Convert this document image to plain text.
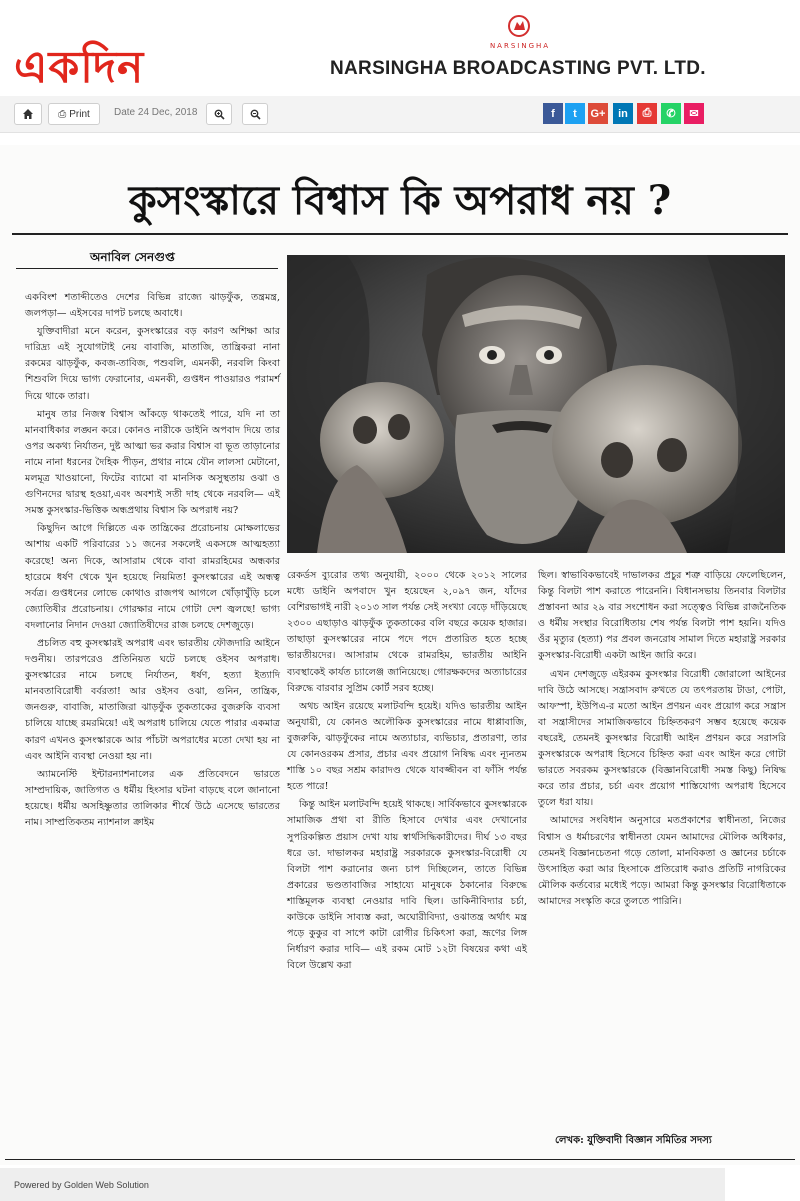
একদিন	NARSINGHA
NARSINGHA BROADCASTING PVT. LTD.
⎙ Print Date 24 Dec, 2018	f t G+ in ⎙ ✆ ✉
কুসংস্কারে বিশ্বাস কি অপরাধ নয় ?
অনাবিল সেনগুপ্ত

একবিংশ শতাব্দীতেও দেশের বিভিন্ন রাজ্যে ঝাড়ফুঁক, তন্ত্রমন্ত্র, জলপড়া— এইসবের দাপট চলছে অবাধে।

যুক্তিবাদীরা মনে করেন, কুসংস্কারের বড় কারণ অশিক্ষা আর দারিদ্র্য এই সুযোগটাই নেয় বাবাজি, মাতাজি, তান্ত্রিকরা নানা রকমের ঝাড়ফুঁক, কবজ-তাবিজ, পশুবলি, এমনকী, নরবলি কিংবা শিশুবলি দিয়ে ভাগ্য ফেরানোর, এমনকী, গুপ্তধন পাওয়ারও পরামর্শ দিয়ে থাকে তারা।

মানুষ তার নিজস্ব বিশ্বাস আঁকড়ে থাকতেই পারে, যদি না তা মানবাধিকার লঙ্ঘন করে। কোনও নারীকে ডাইনি অপবাদ দিয়ে তার ওপর অকথ্য নির্যাতন, দুষ্ট আত্মা ভর করার বিশ্বাস বা ভূত তাড়ানোর নামে নানা ধরনের দৈহিক পীড়ন, প্রথার নামে যৌন লালসা মেটানো, মলমূত্র খাওয়ানো, ফিটের ব্যামো বা মানসিক অসুস্থতায় ওঝা ও গুণিনদের দ্বারস্থ হওয়া,এবং অবশ্যই সতী দাহ থেকে নরবলি— এই সমস্ত কুসংস্কার-ভিত্তিক অন্ধপ্রথায় বিশ্বাস কি অপরাধ নয়?

কিছুদিন আগে দিল্লিতে এক তান্ত্রিকের প্ররোচনায় মোক্ষলাভের আশায় একটি পরিবারের ১১ জনের সকলেই একসঙ্গে আত্মহত্যা করেছে! অন্য দিকে, আসারাম থেকে বাবা রামরহিমের অন্ধকার হারেমে ধর্ষণ থেকে খুন হয়েছে নিয়মিত! কুসংস্কারের এই অন্ধত্ব সর্বত্র। গুপ্তধনের লোভে কোথাও রাজপথ আগলে খোঁড়াখুঁড়ি চলে জ্যোতিষীর প্ররোচনায়। গোরক্ষার নামে গোটা দেশ জ্বলছে! ভাগ্য বদলানোর নিদান দেওয়া জ্যোতিষীদের রাজ চলছে দেশজুড়ে।

প্রচলিত বহু কুসংস্কারই অপরাধ এবং ভারতীয় ফৌজদারি আইনে দণ্ডনীয়। তারপরেও প্রতিনিয়ত ঘটে চলছে ওইসব অপরাধ। কুসংস্কারের নামে চলছে নির্যাতন, ধর্ষণ, হত্যা ইত্যাদি মানবতাবিরোধী বর্বরতা! আর ওইসব ওঝা, গুনিন, তান্ত্রিক, জনগুরু, বাবাজি, মাতাজিরা ঝাড়ফুঁক তুকতাকের বুজরুকি ব্যবসা চালিয়ে যাচ্ছে রমরমিয়ে! এই অপরাধ চালিয়ে যেতে পারার একমাত্র কারণ এখনও কুসংস্কারকে আর পাঁচটা অপরাধের মতো দেখা হয় না এবং আইনি ব্যবস্থা নেওয়া হয় না।

অ্যামনেস্টি ইন্টারন্যাশনালের এক প্রতিবেদনে ভারতে সাম্প্রদায়িক, জাতিগত ও ধর্মীয় হিংসার ঘটনা বাড়ছে বলে জানানো হয়েছে। ধর্মীয় অসহিষ্ণুতার তালিকার শীর্ষে উঠে এসেছে ভারতের নাম। সাম্প্রতিকতম ন্যাশনাল ক্রাইম

রেকর্ডস ব্যুরোর তথ্য অনুযায়ী, ২০০০ থেকে ২০১২ সালের মধ্যে ডাইনি অপবাদে খুন হয়েছেন ২,০৯৭ জন, যাঁদের বেশিরভাগই নারী ২০১৩ সাল পর্যন্ত সেই সংখ্যা বেড়ে দাঁড়িয়েছে ২৩০০ এছাড়াও ঝাড়ফুঁক তুকতাকের বলি বছরে কয়েক হাজার। তাছাড়া কুসংস্কারের নামে পদে পদে প্রতারিত হতে হচ্ছে ভারতীয়দের। আসারাম থেকে রামরহিম, ভারতীয় আইনি ব্যবস্থাকেই কার্যত চ্যালেঞ্জ জানিয়েছে। গোরক্ষকদের অত্যাচারের বিরুদ্ধে বারবার সুপ্রিম কোর্ট সরব হচ্ছে।

অথচ আইন রয়েছে মলাটবন্দি হয়েই। যদিও ভারতীয় আইন অনুযায়ী, যে কোনও অলৌকিক কুসংস্কারের নামে ধাপ্পাবাজি, বুজরুকি, ঝাড়ফুঁকের নামে অত্যাচার, ব্যভিচার, প্রতারণা, তার যে কোনওরকম প্রসার, প্রচার এবং প্রয়োগ নিষিদ্ধ এবং ন্যূনতম শাস্তি ১০ বছর সশ্রম কারাদণ্ড থেকে যাবজ্জীবন বা ফাঁসি পর্যন্ত হতে পারে!

কিন্তু আইন মলাটবন্দি হয়েই থাকছে। সার্বিকভাবে কুসংস্কারকে সামাজিক প্রথা বা রীতি হিসাবে দেখার এবং দেখানোর সুপরিকল্পিত প্রয়াস দেখা যায় স্বার্থসিদ্ধিকারীদের। দীর্ঘ ১৩ বছর ধরে ডা. দাভালকর মহারাষ্ট্র সরকারকে কুসংস্কার-বিরোধী যে বিলটা পাশ করানোর জন্য চাপ দিচ্ছিলেন, তাতে বিভিন্ন প্রকারের ভণ্ডতাবাজির সাহায্যে মানুষকে ঠকানোর বিরুদ্ধে শাস্তিমূলক ব্যবস্থা নেওয়ার দাবি ছিল। ডাকিনীবিদ্যার চর্চা, কাউকে ডাইনি সাব্যস্ত করা, অঘোরীবিদ্যা, ওঝাতন্ত্র অর্থাৎ মন্ত্র পড়ে কুকুর বা সাপে কাটা রোগীর চিকিৎসা করা, ভ্রূণের লিঙ্গ নির্ধারণ করার দাবি— এই রকম মোট ১২টা বিষয়ের কথা এই বিলে উল্লেখ করা

ছিল। স্বাভাবিকভাবেই দাভালকর প্রচুর শত্রু বাড়িয়ে ফেলেছিলেন, কিন্তু বিলটা পাশ করাতে পারেননি। বিধানসভায় তিনবার বিলটার প্রস্তাবনা আর ২৯ বার সংশোধন করা সত্ত্বেও বিভিন্ন রাজনৈতিক ও ধর্মীয় সংস্থার বিরোধিতায় শেষ পর্যন্ত বিলটা পাশ হয়নি। যদিও ওঁর মৃত্যুর (হত্যা) পর প্রবল জনরোষ সামাল দিতে মহারাষ্ট্র সরকার কুসংস্কার-বিরোধী একটা আইন জারি করে।

এখন দেশজুড়ে এইরকম কুসংস্কার বিরোধী জোরালো আইনের দাবি উঠে আসছে। সন্ত্রাসবাদ রুখতে যে তৎপরতায় টাডা, পোটা, আফস্পা, ইউপিএ-র মতো আইন প্রণয়ন এবং প্রয়োগ করে সন্ত্রাস বা সন্ত্রাসীদের সামাজিকভাবে চিহ্নিতকরণ সম্ভব হয়েছে কয়েক বছরেই, তেমনই কুসংস্কার বিরোধী আইন প্রণয়ন করে সরাসরি কুসংস্কারকে অপরাধ হিসেবে চিহ্নিত করা এবং আইন করে গোটা ভারতে সবরকম কুসংস্কারকে (বিজ্ঞানবিরোধী সমস্ত কিছু) নিষিদ্ধ করে তার প্রচার, চর্চা এবং প্রয়োগ শাস্তিযোগ্য অপরাধ হিসেবে তুলে ধরা যায়।

আমাদের সংবিধান অনুসারে মতপ্রকাশের স্বাধীনতা, নিজের বিশ্বাস ও ধর্মাচরণের স্বাধীনতা যেমন আমাদের মৌলিক অধিকার, তেমনই বিজ্ঞানচেতনা গড়ে তোলা, মানবিকতা ও জ্ঞানের চর্চাকে উৎসাহিত করা আর হিংসাকে প্রতিরোধ করাও প্রতিটি নাগরিকের মৌলিক কর্তব্যের মধ্যেই পড়ে। আমরা কিন্তু কুসংস্কার বিরোধিতাকে আমাদের সংস্কৃতি করে তুলতে পারিনি।

লেখক: যুক্তিবাদী বিজ্ঞান সমিতির সদস্য
Powered by Golden Web Solution
